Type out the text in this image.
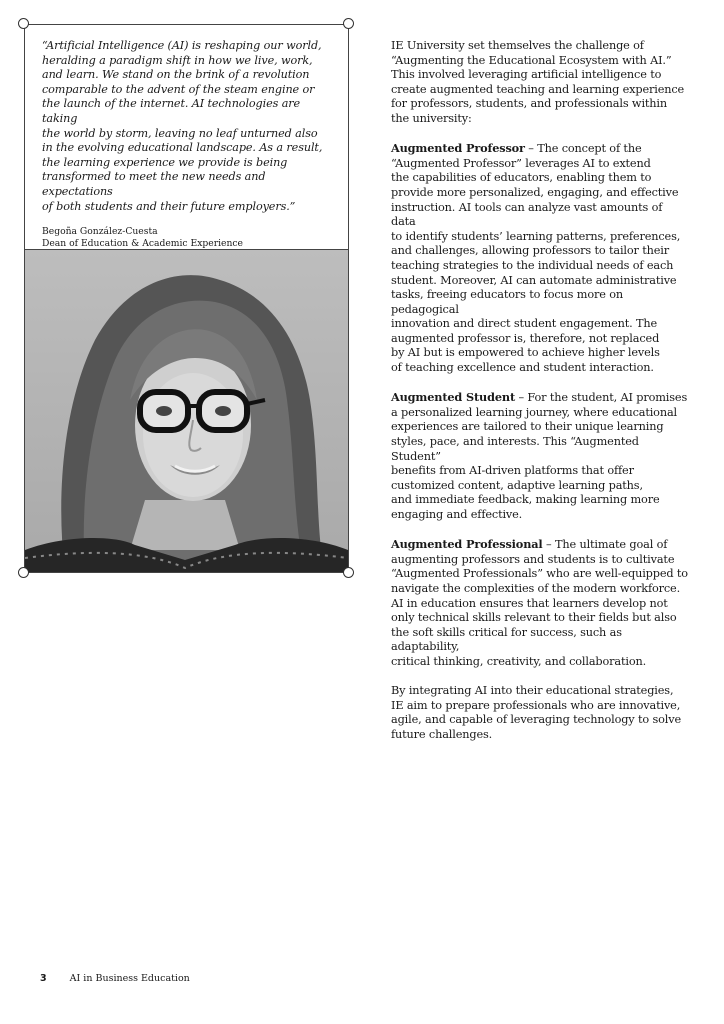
“Artificial Intelligence (AI) is reshaping our world,
heralding a paradigm shift in how we live, work,
and learn. We stand on the brink of a revolution
comparable to the advent of the steam engine or
the launch of the internet. AI technologies are taking
the world by storm, leaving no leaf unturned also
in the evolving educational landscape. As a result,
the learning experience we provide is being
transformed to meet the new needs and expectations
of both students and their future employers.”

Begoña González-Cuesta
Dean of Education & Academic Experience

IE University set themselves the challenge of
“Augmenting the Educational Ecosystem with AI.”
This involved leveraging artificial intelligence to
create augmented teaching and learning experience
for professors, students, and professionals within
the university:

Augmented Professor – The concept of the
“Augmented Professor” leverages AI to extend
the capabilities of educators, enabling them to
provide more personalized, engaging, and effective
instruction. AI tools can analyze vast amounts of data
to identify students’ learning patterns, preferences,
and challenges, allowing professors to tailor their
teaching strategies to the individual needs of each
student. Moreover, AI can automate administrative
tasks, freeing educators to focus more on pedagogical
innovation and direct student engagement. The
augmented professor is, therefore, not replaced
by AI but is empowered to achieve higher levels
of teaching excellence and student interaction.

Augmented Student – For the student, AI promises
a personalized learning journey, where educational
experiences are tailored to their unique learning
styles, pace, and interests. This “Augmented Student”
benefits from AI-driven platforms that offer
customized content, adaptive learning paths,
and immediate feedback, making learning more
engaging and effective.

Augmented Professional – The ultimate goal of
augmenting professors and students is to cultivate
“Augmented Professionals” who are well-equipped to
navigate the complexities of the modern workforce.
AI in education ensures that learners develop not
only technical skills relevant to their fields but also
the soft skills critical for success, such as adaptability,
critical thinking, creativity, and collaboration.

By integrating AI into their educational strategies,
IE aim to prepare professionals who are innovative,
agile, and capable of leveraging technology to solve
future challenges.

3 AI in Business Education
